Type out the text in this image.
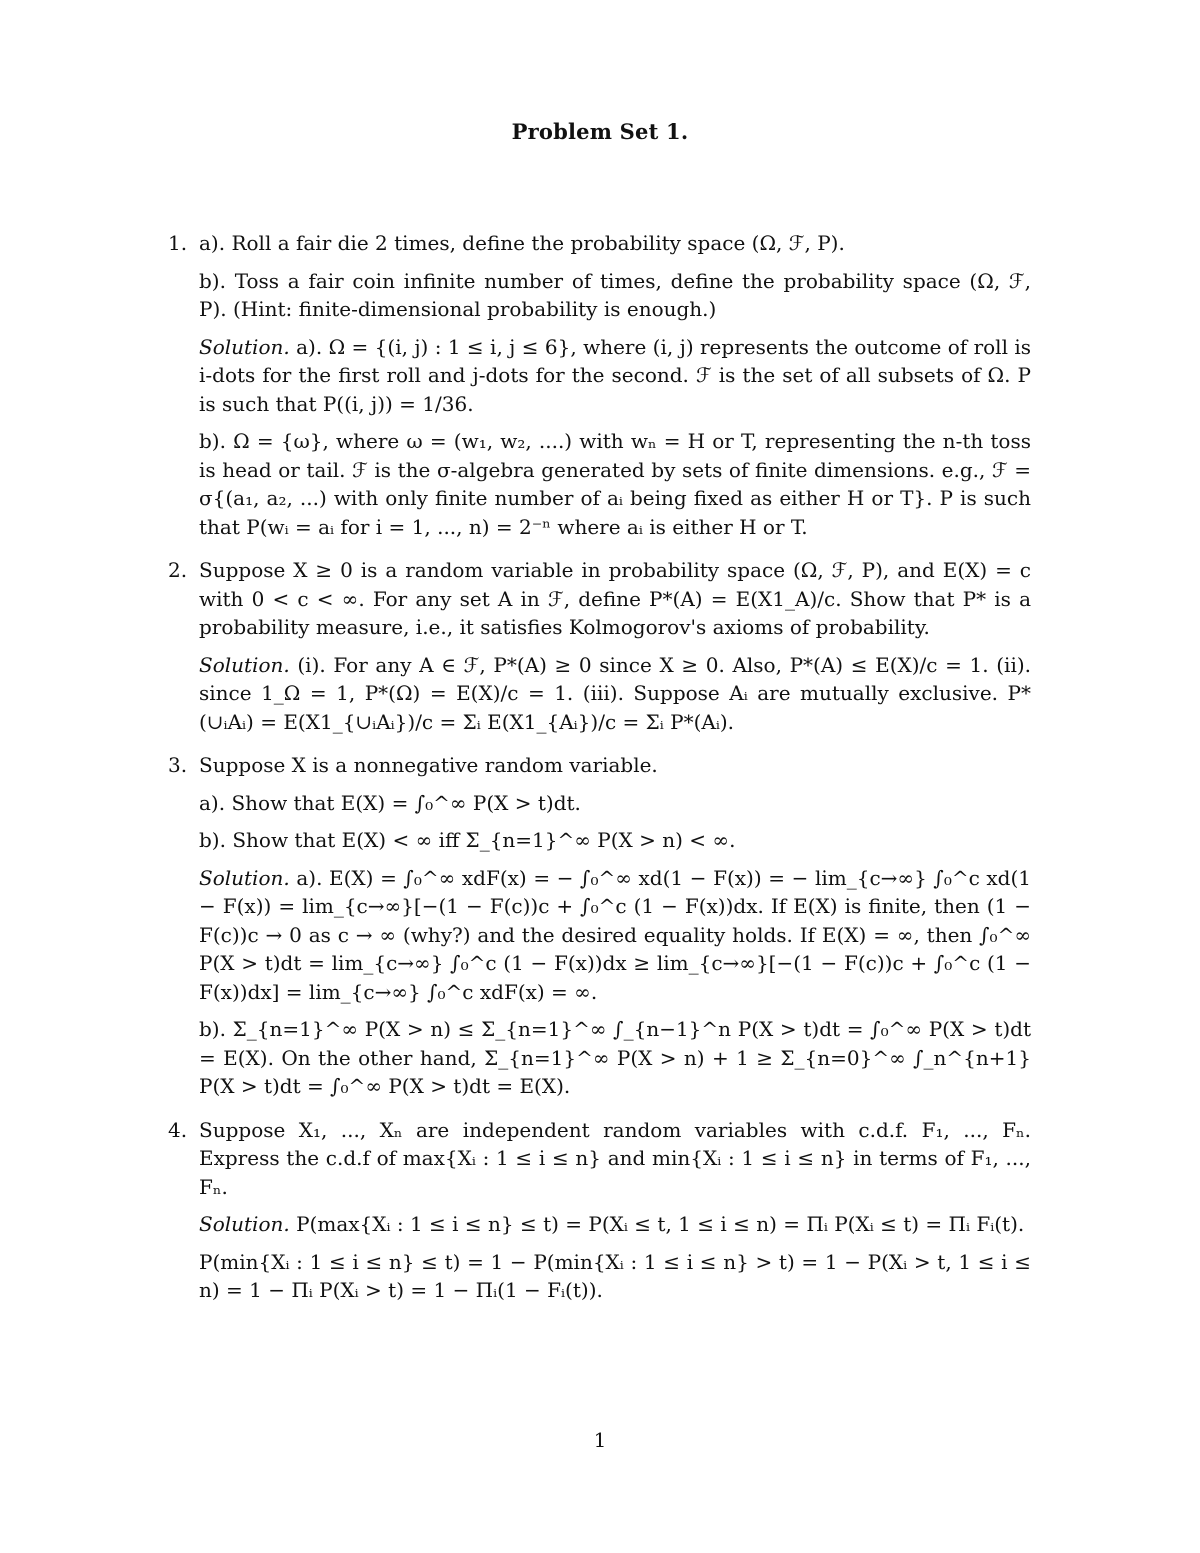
Problem Set 1.
1. a). Roll a fair die 2 times, define the probability space (Ω, ℱ, P).

b). Toss a fair coin infinite number of times, define the probability space (Ω, ℱ, P). (Hint: finite-dimensional probability is enough.)

Solution. a). Ω = {(i, j) : 1 ≤ i, j ≤ 6}, where (i, j) represents the outcome of roll is i-dots for the first roll and j-dots for the second. ℱ is the set of all subsets of Ω. P is such that P((i, j)) = 1/36.

b). Ω = {ω}, where ω = (w₁, w₂, ....) with wₙ = H or T, representing the n-th toss is head or tail. ℱ is the σ-algebra generated by sets of finite dimensions. e.g., ℱ = σ{(a₁, a₂, ...) with only finite number of aᵢ being fixed as either H or T}. P is such that P(wᵢ = aᵢ for i = 1, ..., n) = 2⁻ⁿ where aᵢ is either H or T.

2. Suppose X ≥ 0 is a random variable in probability space (Ω, ℱ, P), and E(X) = c with 0 < c < ∞. For any set A in ℱ, define P*(A) = E(X1_A)/c. Show that P* is a probability measure, i.e., it satisfies Kolmogorov's axioms of probability.

Solution. (i). For any A ∈ ℱ, P*(A) ≥ 0 since X ≥ 0. Also, P*(A) ≤ E(X)/c = 1. (ii). since 1_Ω = 1, P*(Ω) = E(X)/c = 1. (iii). Suppose Aᵢ are mutually exclusive. P*(∪ᵢAᵢ) = E(X1_{∪ᵢAᵢ})/c = Σᵢ E(X1_{Aᵢ})/c = Σᵢ P*(Aᵢ).

3. Suppose X is a nonnegative random variable.

a). Show that E(X) = ∫₀^∞ P(X > t)dt.

b). Show that E(X) < ∞ iff Σ_{n=1}^∞ P(X > n) < ∞.

Solution. a). E(X) = ∫₀^∞ xdF(x) = − ∫₀^∞ xd(1 − F(x)) = − lim_{c→∞} ∫₀^c xd(1 − F(x)) = lim_{c→∞}[−(1 − F(c))c + ∫₀^c (1 − F(x))dx. If E(X) is finite, then (1 − F(c))c → 0 as c → ∞ (why?) and the desired equality holds. If E(X) = ∞, then ∫₀^∞ P(X > t)dt = lim_{c→∞} ∫₀^c (1 − F(x))dx ≥ lim_{c→∞}[−(1 − F(c))c + ∫₀^c (1 − F(x))dx] = lim_{c→∞} ∫₀^c xdF(x) = ∞.

b). Σ_{n=1}^∞ P(X > n) ≤ Σ_{n=1}^∞ ∫_{n−1}^n P(X > t)dt = ∫₀^∞ P(X > t)dt = E(X). On the other hand, Σ_{n=1}^∞ P(X > n) + 1 ≥ Σ_{n=0}^∞ ∫_n^{n+1} P(X > t)dt = ∫₀^∞ P(X > t)dt = E(X).

4. Suppose X₁, ..., Xₙ are independent random variables with c.d.f. F₁, ..., Fₙ. Express the c.d.f of max{Xᵢ : 1 ≤ i ≤ n} and min{Xᵢ : 1 ≤ i ≤ n} in terms of F₁, ..., Fₙ.

Solution. P(max{Xᵢ : 1 ≤ i ≤ n} ≤ t) = P(Xᵢ ≤ t, 1 ≤ i ≤ n) = Πᵢ P(Xᵢ ≤ t) = Πᵢ Fᵢ(t).

P(min{Xᵢ : 1 ≤ i ≤ n} ≤ t) = 1 − P(min{Xᵢ : 1 ≤ i ≤ n} > t) = 1 − P(Xᵢ > t, 1 ≤ i ≤ n) = 1 − Πᵢ P(Xᵢ > t) = 1 − Πᵢ(1 − Fᵢ(t)).

1
